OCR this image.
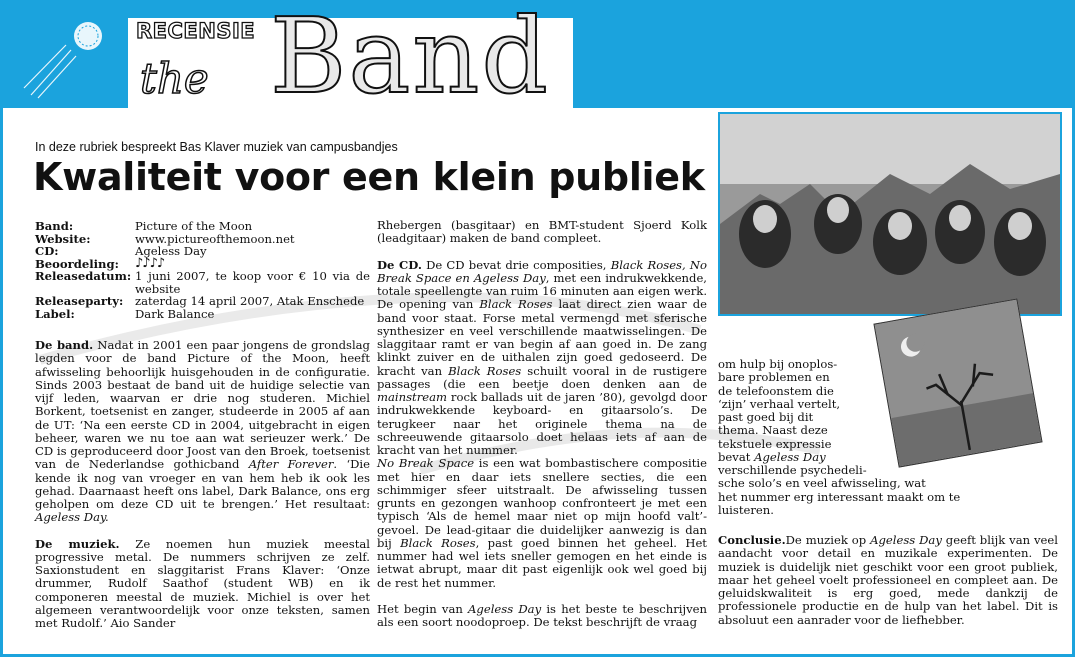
RECENSIE
the Band
In deze rubriek bespreekt Bas Klaver muziek van campusbandjes
Kwaliteit voor een klein publiek
Band:	Picture of the Moon
Website:	www.pictureofthemoon.net
CD:	Ageless Day
Beoordeling:	♪♪♪♪
Releasedatum: 1 juni 2007, te koop voor € 10 via de website
Releaseparty:	zaterdag 14 april 2007, Atak Enschede
Label:	Dark Balance

De band. Nadat in 2001 een paar jongens de grondslag legden voor de band Picture of the Moon, heeft afwisseling behoorlijk huisgehouden in de configuratie. Sinds 2003 bestaat de band uit de huidige selectie van vijf leden, waarvan er drie nog studeren. Michiel Borkent, toetsenist en zanger, studeerde in 2005 af aan de UT: ‘Na een eerste CD in 2004, uitgebracht in eigen beheer, waren we nu toe aan wat serieuzer werk.’ De CD is geproduceerd door Joost van den Broek, toetsenist van de Nederlandse gothicband After Forever. ‘Die kende ik nog van vroeger en van hem heb ik ook les gehad. Daarnaast heeft ons label, Dark Balance, ons erg geholpen om deze CD uit te brengen.’ Het resultaat: Ageless Day.

De muziek. Ze noemen hun muziek meestal progressive metal. De nummers schrijven ze zelf. Saxionstudent en slaggitarist Frans Klaver: ‘Onze drummer, Rudolf Saathof (student WB) en ik componeren meestal de muziek. Michiel is over het algemeen verantwoordelijk voor onze teksten, samen met Rudolf.’ Aio Sander

Rhebergen (basgitaar) en BMT-student Sjoerd Kolk (leadgitaar) maken de band compleet.

De CD. De CD bevat drie composities, Black Roses, No Break Space en Ageless Day, met een indrukwekkende, totale speellengte van ruim 16 minuten aan eigen werk. De opening van Black Roses laat direct zien waar de band voor staat. Forse metal vermengd met sferische synthesizer en veel verschillende maatwisselingen. De slaggitaar ramt er van begin af aan goed in. De zang klinkt zuiver en de uithalen zijn goed gedoseerd. De kracht van Black Roses schuilt vooral in de rustigere passages (die een beetje doen denken aan de mainstream rock ballads uit de jaren ’80), gevolgd door indrukwekkende keyboard- en gitaarsolo’s. De terugkeer naar het originele thema na de schreeuwende gitaarsolo doet helaas iets af aan de kracht van het nummer.

No Break Space is een wat bombastischere compositie met hier en daar iets snellere secties, die een schimmiger sfeer uitstraalt. De afwisseling tussen grunts en gezongen wanhoop confronteert je met een typisch ‘Als de hemel maar niet op mijn hoofd valt’-gevoel. De lead-gitaar die duidelijker aanwezig is dan bij Black Roses, past goed binnen het geheel. Het nummer had wel iets sneller gemogen en het einde is ietwat abrupt, maar dit past eigenlijk ook wel goed bij de rest het nummer.

Het begin van Ageless Day is het beste te beschrijven als een soort noodoproep. De tekst beschrijft de vraag

om hulp bij onoplos-
bare problemen en
de telefoonstem die
‘zijn’ verhaal vertelt,
past goed bij dit
thema. Naast deze
tekstuele expressie
bevat Ageless Day
verschillende psychedeli-
sche solo’s en veel afwisseling, wat
het nummer erg interessant maakt om te
luisteren.

Conclusie.De muziek op Ageless Day geeft blijk van veel aandacht voor detail en muzikale experimenten. De muziek is duidelijk niet geschikt voor een groot publiek, maar het geheel voelt professioneel en compleet aan. De geluidskwaliteit is erg goed, mede dankzij de professionele productie en de hulp van het label. Dit is absoluut een aanrader voor de liefhebber.
